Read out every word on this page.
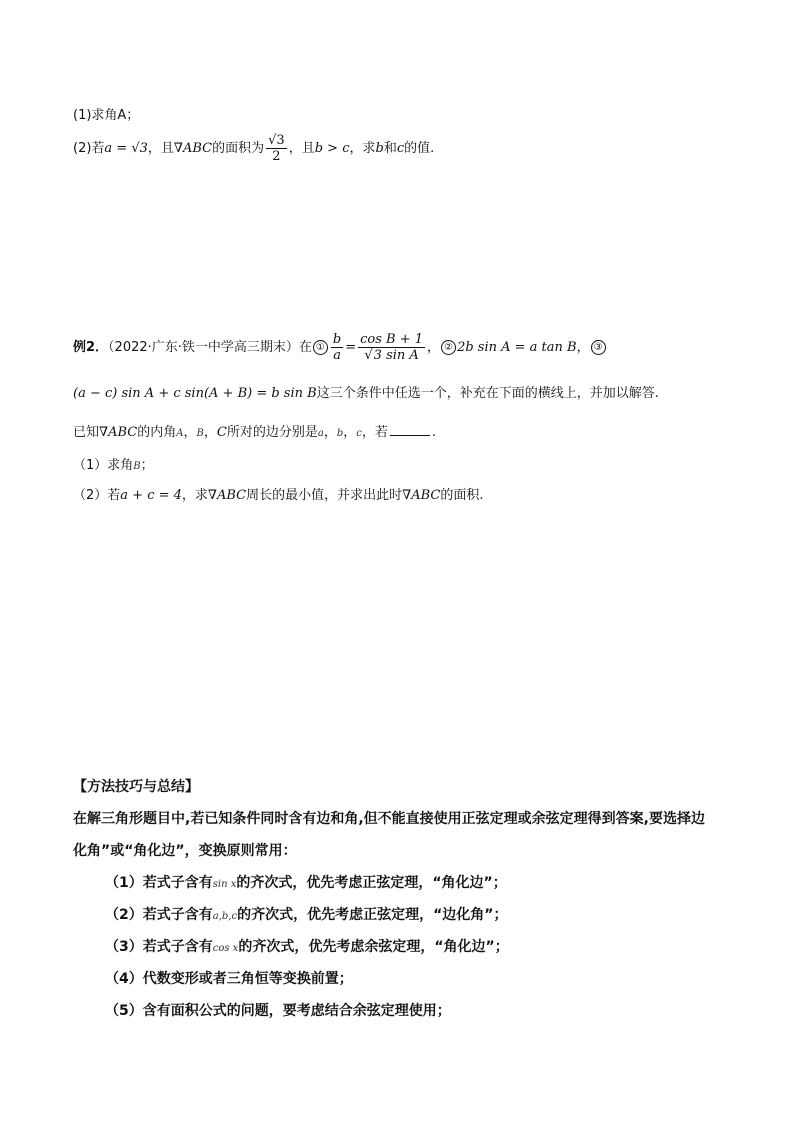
(1)求角A；
(2)若a = √3，且∇ABC的面积为 $\frac{√3}{2}$ ，且b > c，求b和c的值.
例2．（2022·广东·铁一中学高三期末）在 ① $\frac{b}{a} = \frac{\text{cos B + 1}}{\text{√3 sin A}}$ ， ② 2b sin A = a tan B， ③
(a − c) sin A + c sin(A + B) = b sin B这三个条件中任选一个，补充在下面的横线上，并加以解答.
已知∇ABC的内角A，B，C所对的边分别是a，b，c，若	.
（1）求角B；
（2）若a + c = 4，求∇ABC周长的最小值，并求出此时∇ABC的面积.
【方法技巧与总结】
在解三角形题目中,若已知条件同时含有边和角,但不能直接使用正弦定理或余弦定理得到答案,要选择边
化角”或“角化边”，变换原则常用：
（1）若式子含有sin x的齐次式，优先考虑正弦定理，“角化边”；
（2）若式子含有a,b,c的齐次式，优先考虑正弦定理，“边化角”；
（3）若式子含有cos x的齐次式，优先考虑余弦定理，“角化边”；
（4）代数变形或者三角恒等变换前置；
（5）含有面积公式的问题，要考虑结合余弦定理使用；
